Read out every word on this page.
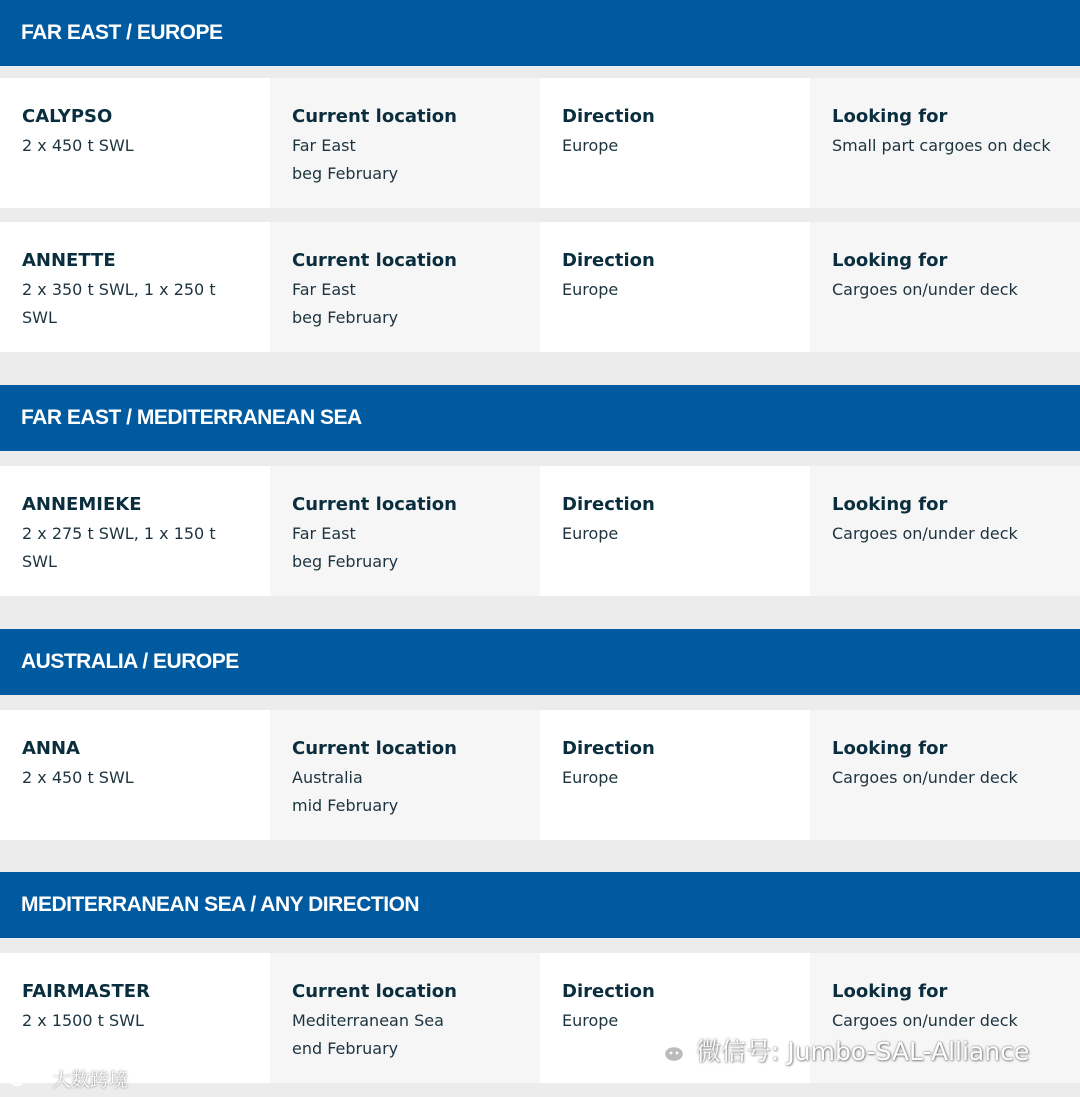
FAR EAST / EUROPE
CALYPSO
2 x 450 t SWL
Current location
Far East
beg February
Direction
Europe
Looking for
Small part cargoes on deck
ANNETTE
2 x 350 t SWL, 1 x 250 t
SWL
Current location
Far East
beg February
Direction
Europe
Looking for
Cargoes on/under deck
FAR EAST / MEDITERRANEAN SEA
ANNEMIEKE
2 x 275 t SWL, 1 x 150 t
SWL
Current location
Far East
beg February
Direction
Europe
Looking for
Cargoes on/under deck
AUSTRALIA / EUROPE
ANNA
2 x 450 t SWL
Current location
Australia
mid February
Direction
Europe
Looking for
Cargoes on/under deck
MEDITERRANEAN SEA / ANY DIRECTION
FAIRMASTER
2 x 1500 t SWL
Current location
Mediterranean Sea
end February
Direction
Europe
Looking for
Cargoes on/under deck
微信号: Jumbo-SAL-Alliance
大数跨境
